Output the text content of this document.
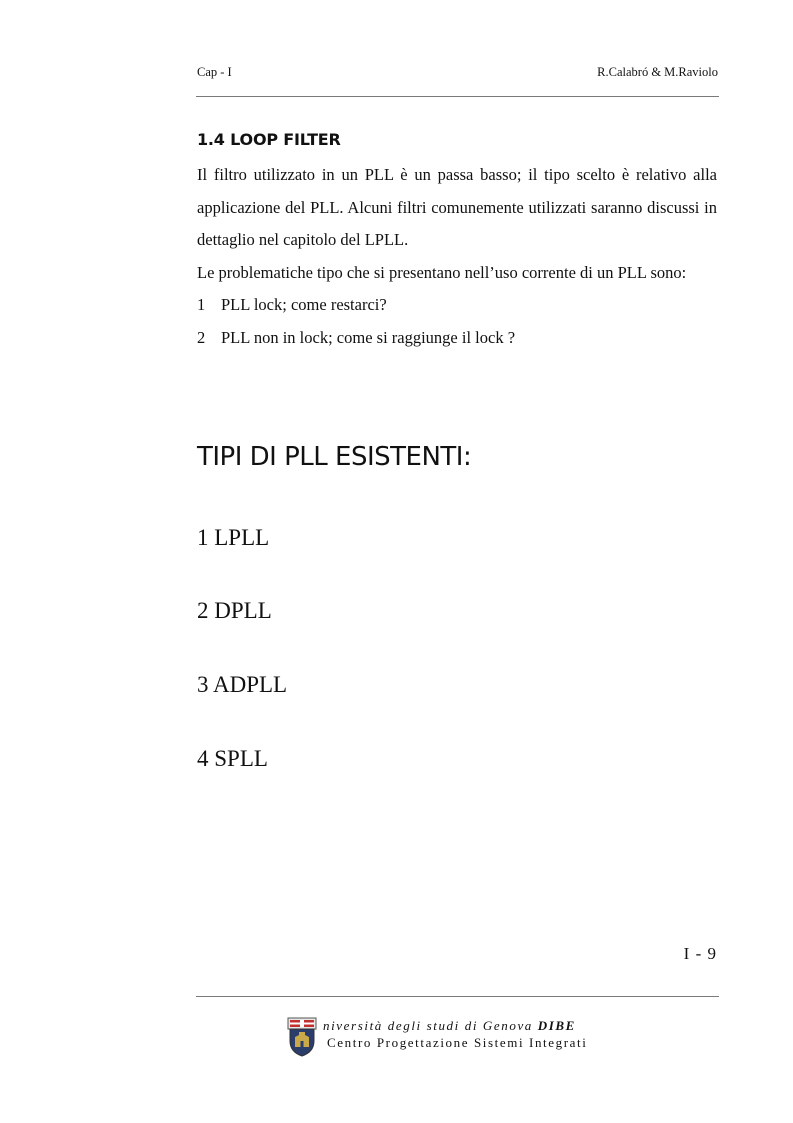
Cap - I	R.Calabró & M.Raviolo
1.4 LOOP FILTER

Il filtro utilizzato in un PLL è un passa basso; il tipo scelto è relativo alla applicazione del PLL. Alcuni filtri comunemente utilizzati saranno discussi in dettaglio nel capitolo del LPLL.

Le problematiche tipo che si presentano nell’uso corrente di un PLL sono:

1 PLL lock; come restarci?
2 PLL non in lock; come si raggiunge il lock ?
TIPI DI PLL ESISTENTI:
1 LPLL
2 DPLL
3 ADPLL
4 SPLL
I - 9
niversità degli studi di Genova DIBE
Centro Progettazione Sistemi Integrati
